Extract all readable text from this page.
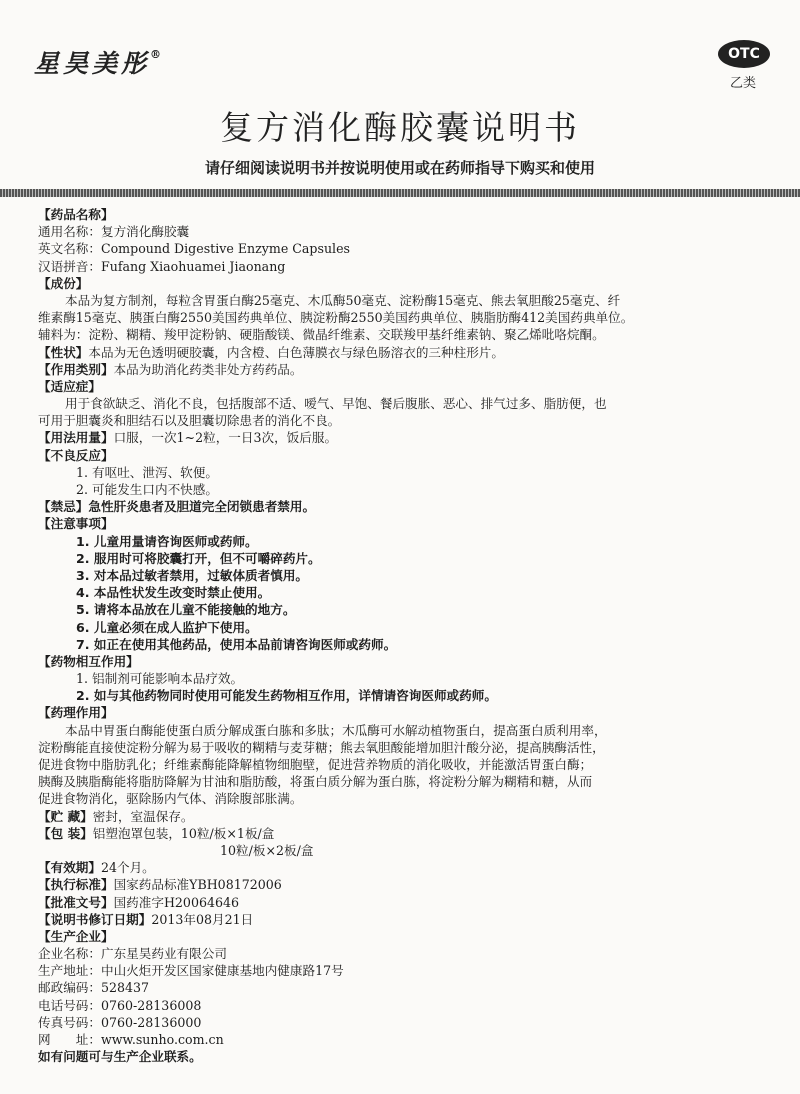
星昊美彤®	OTC
乙类
复方消化酶胶囊说明书
请仔细阅读说明书并按说明使用或在药师指导下购买和使用
【药品名称】
通用名称：复方消化酶胶囊
英文名称：Compound Digestive Enzyme Capsules
汉语拼音：Fufang Xiaohuamei Jiaonang
【成份】
本品为复方制剂，每粒含胃蛋白酶25毫克、木瓜酶50毫克、淀粉酶15毫克、熊去氧胆酸25毫克、纤
维素酶15毫克、胰蛋白酶2550美国药典单位、胰淀粉酶2550美国药典单位、胰脂肪酶412美国药典单位。
辅料为：淀粉、糊精、羧甲淀粉钠、硬脂酸镁、微晶纤维素、交联羧甲基纤维素钠、聚乙烯吡咯烷酮。
【性状】本品为无色透明硬胶囊，内含橙、白色薄膜衣与绿色肠溶衣的三种柱形片。
【作用类别】本品为助消化药类非处方药药品。
【适应症】
用于食欲缺乏、消化不良，包括腹部不适、嗳气、早饱、餐后腹胀、恶心、排气过多、脂肪便，也
可用于胆囊炎和胆结石以及胆囊切除患者的消化不良。
【用法用量】口服，一次1~2粒，一日3次，饭后服。
【不良反应】
1. 有呕吐、泄泻、软便。
2. 可能发生口内不快感。
【禁忌】急性肝炎患者及胆道完全闭锁患者禁用。
【注意事项】
1. 儿童用量请咨询医师或药师。
2. 服用时可将胶囊打开，但不可嚼碎药片。
3. 对本品过敏者禁用，过敏体质者慎用。
4. 本品性状发生改变时禁止使用。
5. 请将本品放在儿童不能接触的地方。
6. 儿童必须在成人监护下使用。
7. 如正在使用其他药品，使用本品前请咨询医师或药师。
【药物相互作用】
1. 铝制剂可能影响本品疗效。
2. 如与其他药物同时使用可能发生药物相互作用，详情请咨询医师或药师。
【药理作用】
本品中胃蛋白酶能使蛋白质分解成蛋白胨和多肽；木瓜酶可水解动植物蛋白，提高蛋白质利用率，
淀粉酶能直接使淀粉分解为易于吸收的糊精与麦芽糖；熊去氧胆酸能增加胆汁酸分泌，提高胰酶活性，
促进食物中脂肪乳化；纤维素酶能降解植物细胞壁，促进营养物质的消化吸收，并能激活胃蛋白酶；
胰酶及胰脂酶能将脂肪降解为甘油和脂肪酸，将蛋白质分解为蛋白胨，将淀粉分解为糊精和糖，从而
促进食物消化，驱除肠内气体、消除腹部胀满。
【贮 藏】密封，室温保存。
【包 装】铝塑泡罩包装，10粒/板×1板/盒
10粒/板×2板/盒
【有效期】24个月。
【执行标准】国家药品标准YBH08172006
【批准文号】国药准字H20064646
【说明书修订日期】2013年08月21日
【生产企业】
企业名称：广东星昊药业有限公司
生产地址：中山火炬开发区国家健康基地内健康路17号
邮政编码：528437
电话号码：0760-28136008
传真号码：0760-28136000
网　　址：www.sunho.com.cn
如有问题可与生产企业联系。
